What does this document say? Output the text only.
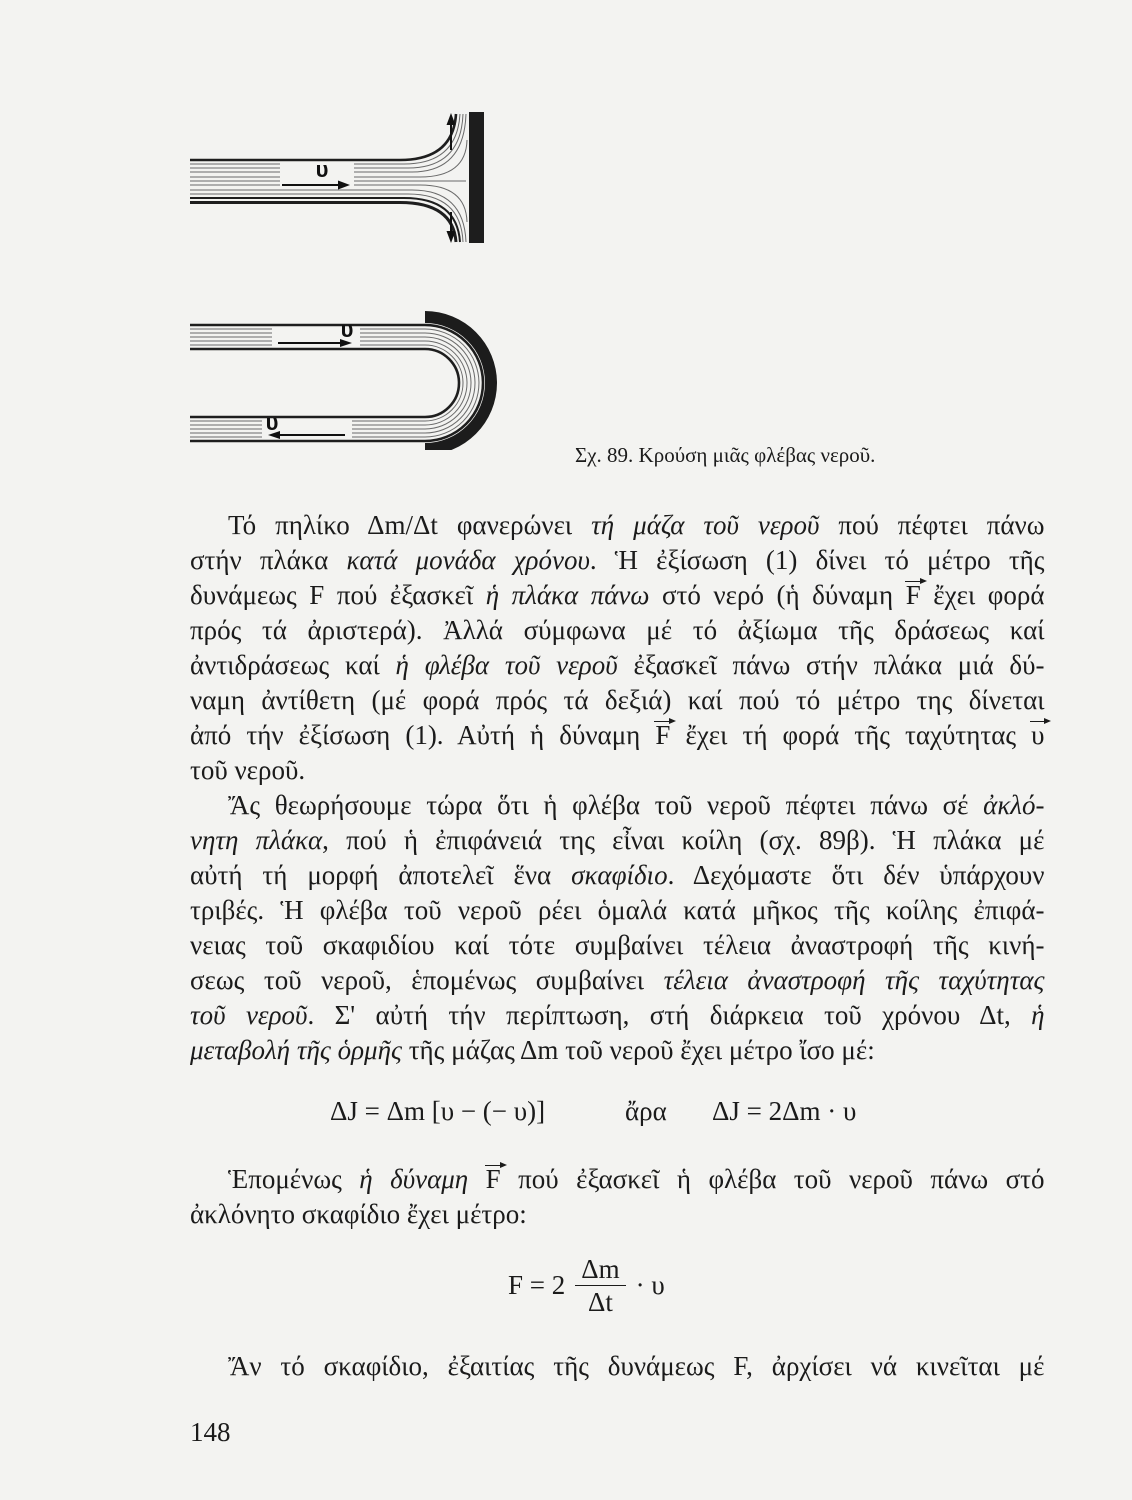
υ
υ
υ
Σχ. 89. Κρούση μιᾶς φλέβας νεροῦ.
Τό πηλίκο Δm/Δt φανερώνει τή μάζα τοῦ νεροῦ πού πέφτει πάνω
στήν πλάκα κατά μονάδα χρόνου. Ἡ ἐξίσωση (1) δίνει τό μέτρο τῆς
δυνάμεως F πού ἐξασκεῖ ἡ πλάκα πάνω στό νερό (ἡ δύναμη F ἔχει φορά
πρός τά ἀριστερά). Ἀλλά σύμφωνα μέ τό ἀξίωμα τῆς δράσεως καί
ἀντιδράσεως καί ἡ φλέβα τοῦ νεροῦ ἐξασκεῖ πάνω στήν πλάκα μιά δύ-
ναμη ἀντίθετη (μέ φορά πρός τά δεξιά) καί πού τό μέτρο της δίνεται
ἀπό τήν ἐξίσωση (1). Αὐτή ἡ δύναμη F ἔχει τή φορά τῆς ταχύτητας υ
τοῦ νεροῦ.
Ἄς θεωρήσουμε τώρα ὅτι ἡ φλέβα τοῦ νεροῦ πέφτει πάνω σέ ἀκλό-
νητη πλάκα, πού ἡ ἐπιφάνειά της εἶναι κοίλη (σχ. 89β). Ἡ πλάκα μέ
αὐτή τή μορφή ἀποτελεῖ ἕνα σκαφίδιο. Δεχόμαστε ὅτι δέν ὑπάρχουν
τριβές. Ἡ φλέβα τοῦ νεροῦ ρέει ὁμαλά κατά μῆκος τῆς κοίλης ἐπιφά-
νειας τοῦ σκαφιδίου καί τότε συμβαίνει τέλεια ἀναστροφή τῆς κινή-
σεως τοῦ νεροῦ, ἑπομένως συμβαίνει τέλεια ἀναστροφή τῆς ταχύτητας
τοῦ νεροῦ. Σ' αὐτή τήν περίπτωση, στή διάρκεια τοῦ χρόνου Δt, ἡ
μεταβολή τῆς ὁρμῆς τῆς μάζας Δm τοῦ νεροῦ ἔχει μέτρο ἴσο μέ:
ΔJ = Δm [υ − (− υ)]	ἄρα ΔJ = 2Δm · υ
Ἑπομένως ἡ δύναμη F πού ἐξασκεῖ ἡ φλέβα τοῦ νεροῦ πάνω στό
ἀκλόνητο σκαφίδιο ἔχει μέτρο:
$F = 2 \frac{\Delta m}{\Delta t} \cdot \upsilon$
Ἄν τό σκαφίδιο, ἐξαιτίας τῆς δυνάμεως F, ἀρχίσει νά κινεῖται μέ
148
